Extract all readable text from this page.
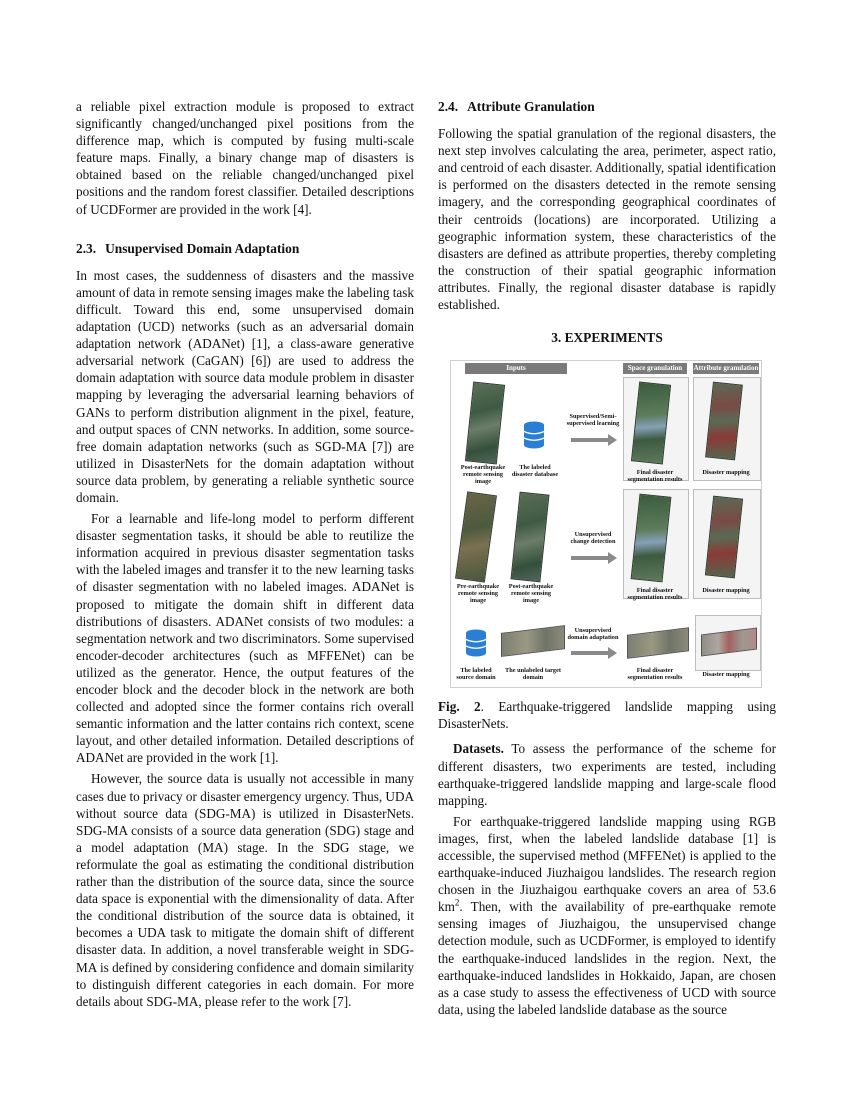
a reliable pixel extraction module is proposed to extract significantly changed/unchanged pixel positions from the difference map, which is computed by fusing multi-scale feature maps. Finally, a binary change map of disasters is obtained based on the reliable changed/unchanged pixel positions and the random forest classifier. Detailed descriptions of UCDFormer are provided in the work [4].

2.3. Unsupervised Domain Adaptation

In most cases, the suddenness of disasters and the massive amount of data in remote sensing images make the labeling task difficult. Toward this end, some unsupervised domain adaptation (UCD) networks (such as an adversarial domain adaptation network (ADANet) [1], a class-aware generative adversarial network (CaGAN) [6]) are used to address the domain adaptation with source data module problem in disaster mapping by leveraging the adversarial learning behaviors of GANs to perform distribution alignment in the pixel, feature, and output spaces of CNN networks. In addition, some source-free domain adaptation networks (such as SGD-MA [7]) are utilized in DisasterNets for the domain adaptation without source data problem, by generating a reliable synthetic source domain.

For a learnable and life-long model to perform different disaster segmentation tasks, it should be able to reutilize the information acquired in previous disaster segmentation tasks with the labeled images and transfer it to the new learning tasks of disaster segmentation with no labeled images. ADANet is proposed to mitigate the domain shift in different data distributions of disasters. ADANet consists of two modules: a segmentation network and two discriminators. Some supervised encoder-decoder architectures (such as MFFENet) can be utilized as the generator. Hence, the output features of the encoder block and the decoder block in the network are both collected and adopted since the former contains rich overall semantic information and the latter contains rich context, scene layout, and other detailed information. Detailed descriptions of ADANet are provided in the work [1].

However, the source data is usually not accessible in many cases due to privacy or disaster emergency urgency. Thus, UDA without source data (SDG-MA) is utilized in DisasterNets. SDG-MA consists of a source data generation (SDG) stage and a model adaptation (MA) stage. In the SDG stage, we reformulate the goal as estimating the conditional distribution rather than the distribution of the source data, since the source data space is exponential with the dimensionality of data. After the conditional distribution of the source data is obtained, it becomes a UDA task to mitigate the domain shift of different disaster data. In addition, a novel transferable weight in SDG-MA is defined by considering confidence and domain similarity to distinguish different categories in each domain. For more details about SDG-MA, please refer to the work [7].

2.4. Attribute Granulation

Following the spatial granulation of the regional disasters, the next step involves calculating the area, perimeter, aspect ratio, and centroid of each disaster. Additionally, spatial identification is performed on the disasters detected in the remote sensing imagery, and the corresponding geographical coordinates of their centroids (locations) are incorporated. Utilizing a geographic information system, these characteristics of the disasters are defined as attribute properties, thereby completing the construction of their spatial geographic information attributes. Finally, the regional disaster database is rapidly established.

3. EXPERIMENTS
Inputs	Space granulation	Attribute granulation
Post-earthquake remote sensing image
The labeled disaster database
Supervised/Semi-supervised learning
Final disaster segmentation results
Disaster mapping
Pre-earthquake remote sensing image
Post-earthquake remote sensing image
Unsupervised change detection
Final disaster segmentation results
Disaster mapping
The labeled source domain
The unlabeled target domain
Unsupervised domain adaptation
Final disaster segmentation results	Disaster mapping
Fig. 2. Earthquake-triggered landslide mapping using DisasterNets.

Datasets. To assess the performance of the scheme for different disasters, two experiments are tested, including earthquake-triggered landslide mapping and large-scale flood mapping.

For earthquake-triggered landslide mapping using RGB images, first, when the labeled landslide database [1] is accessible, the supervised method (MFFENet) is applied to the earthquake-induced Jiuzhaigou landslides. The research region chosen in the Jiuzhaigou earthquake covers an area of 53.6 $km^2$. Then, with the availability of pre-earthquake remote sensing images of Jiuzhaigou, the unsupervised change detection module, such as UCDFormer, is employed to identify the earthquake-induced landslides in the region. Next, the earthquake-induced landslides in Hokkaido, Japan, are chosen as a case study to assess the effectiveness of UCD with source data, using the labeled landslide database as the source
